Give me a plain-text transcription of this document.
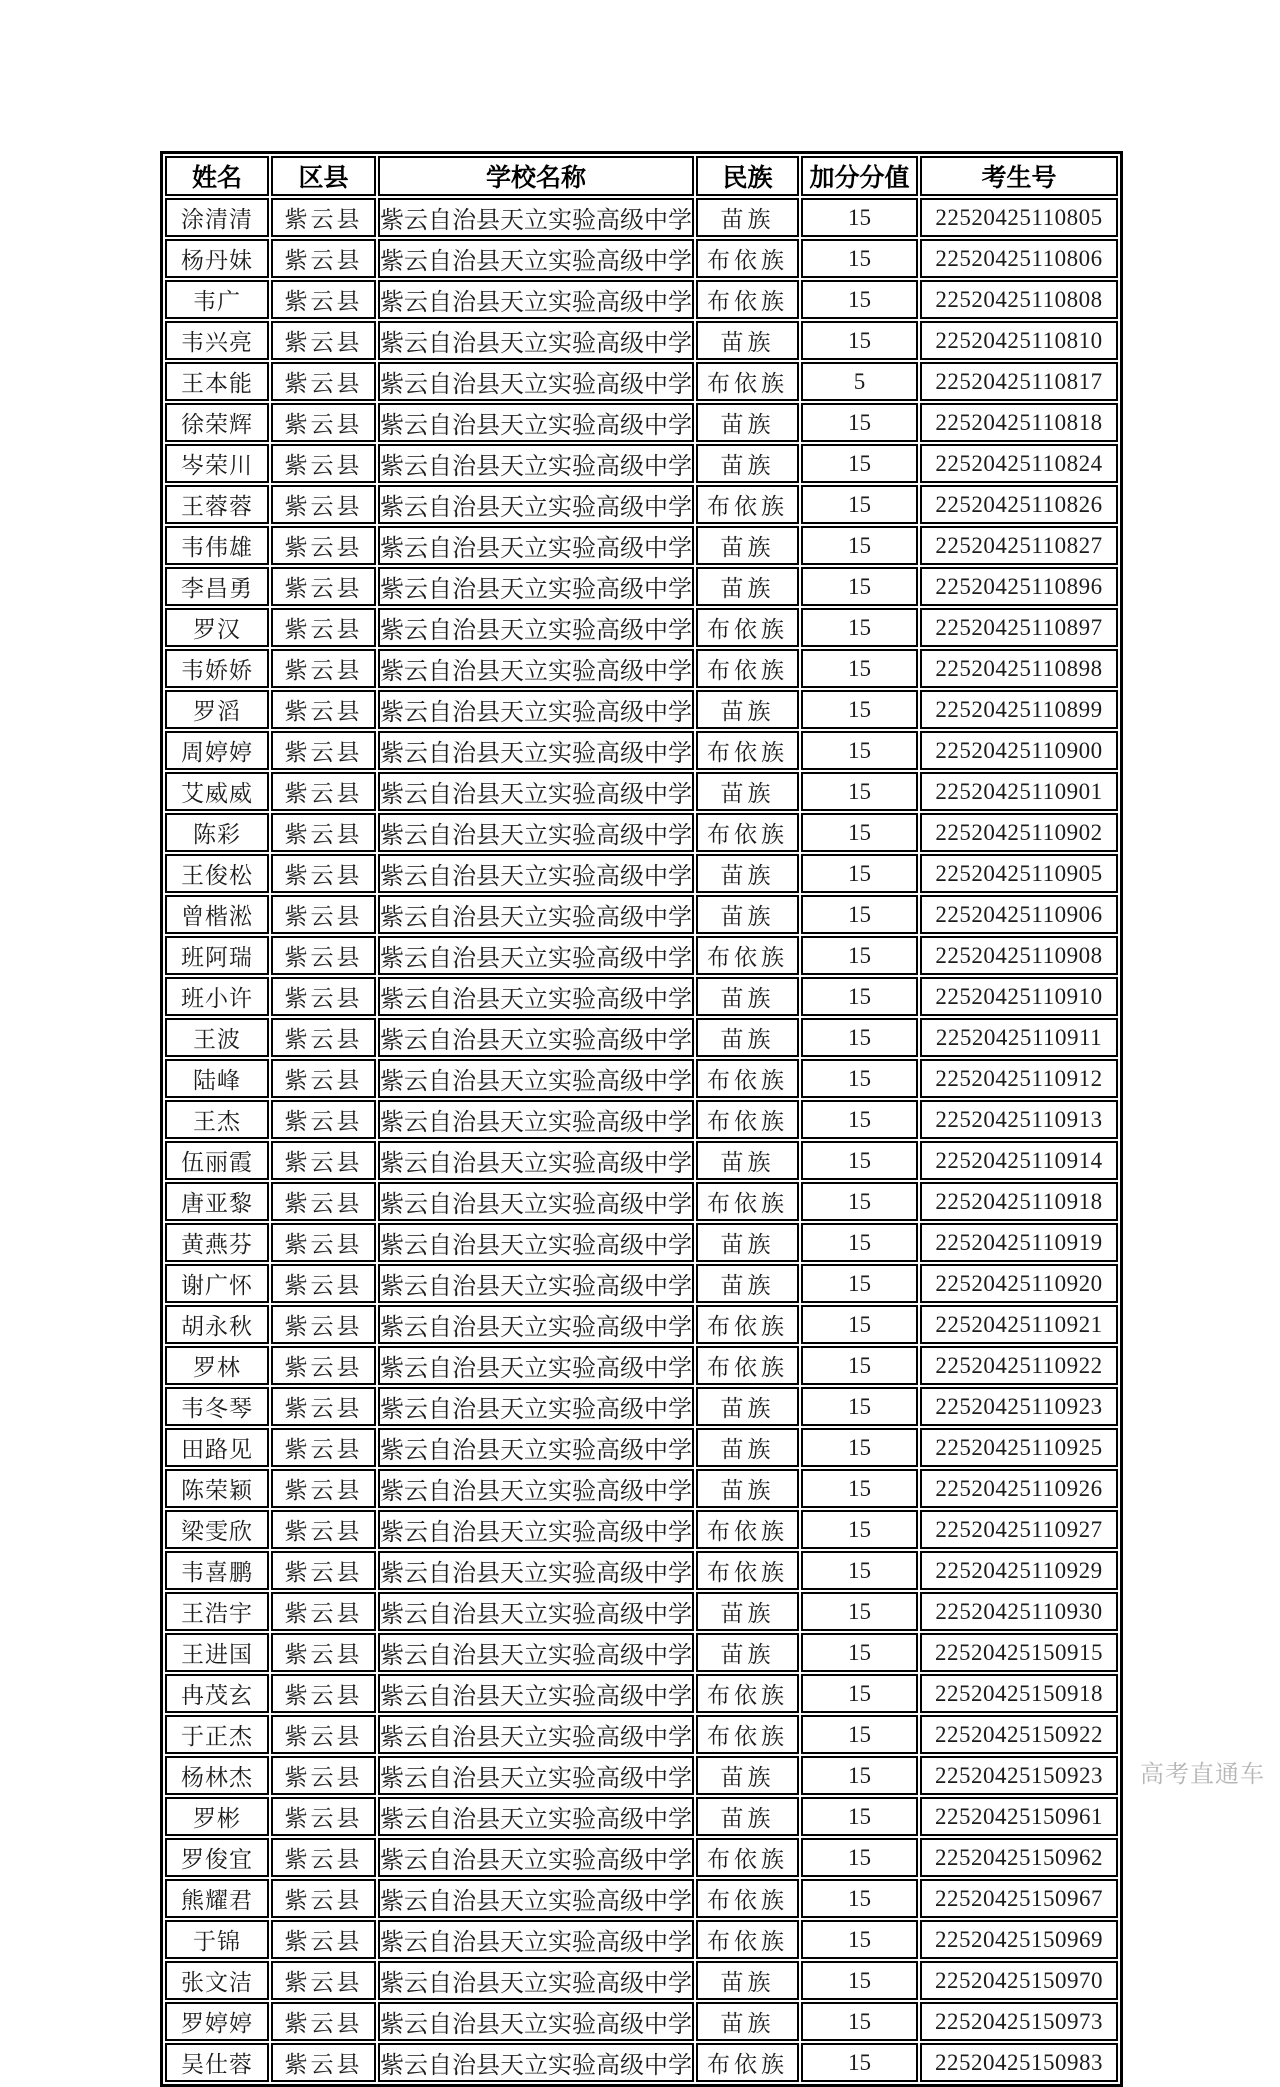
姓名	区县	学校名称	民族	加分分值	考生号
涂清清	紫云县	紫云自治县天立实验高级中学	苗族	15	22520425110805
杨丹妹	紫云县	紫云自治县天立实验高级中学	布依族	15	22520425110806
韦广	紫云县	紫云自治县天立实验高级中学	布依族	15	22520425110808
韦兴亮	紫云县	紫云自治县天立实验高级中学	苗族	15	22520425110810
王本能	紫云县	紫云自治县天立实验高级中学	布依族	5	22520425110817
徐荣辉	紫云县	紫云自治县天立实验高级中学	苗族	15	22520425110818
岑荣川	紫云县	紫云自治县天立实验高级中学	苗族	15	22520425110824
王蓉蓉	紫云县	紫云自治县天立实验高级中学	布依族	15	22520425110826
韦伟雄	紫云县	紫云自治县天立实验高级中学	苗族	15	22520425110827
李昌勇	紫云县	紫云自治县天立实验高级中学	苗族	15	22520425110896
罗汉	紫云县	紫云自治县天立实验高级中学	布依族	15	22520425110897
韦娇娇	紫云县	紫云自治县天立实验高级中学	布依族	15	22520425110898
罗滔	紫云县	紫云自治县天立实验高级中学	苗族	15	22520425110899
周婷婷	紫云县	紫云自治县天立实验高级中学	布依族	15	22520425110900
艾威威	紫云县	紫云自治县天立实验高级中学	苗族	15	22520425110901
陈彩	紫云县	紫云自治县天立实验高级中学	布依族	15	22520425110902
王俊松	紫云县	紫云自治县天立实验高级中学	苗族	15	22520425110905
曾楷淞	紫云县	紫云自治县天立实验高级中学	苗族	15	22520425110906
班阿瑞	紫云县	紫云自治县天立实验高级中学	布依族	15	22520425110908
班小许	紫云县	紫云自治县天立实验高级中学	苗族	15	22520425110910
王波	紫云县	紫云自治县天立实验高级中学	苗族	15	22520425110911
陆峰	紫云县	紫云自治县天立实验高级中学	布依族	15	22520425110912
王杰	紫云县	紫云自治县天立实验高级中学	布依族	15	22520425110913
伍丽霞	紫云县	紫云自治县天立实验高级中学	苗族	15	22520425110914
唐亚黎	紫云县	紫云自治县天立实验高级中学	布依族	15	22520425110918
黄燕芬	紫云县	紫云自治县天立实验高级中学	苗族	15	22520425110919
谢广怀	紫云县	紫云自治县天立实验高级中学	苗族	15	22520425110920
胡永秋	紫云县	紫云自治县天立实验高级中学	布依族	15	22520425110921
罗林	紫云县	紫云自治县天立实验高级中学	布依族	15	22520425110922
韦冬琴	紫云县	紫云自治县天立实验高级中学	苗族	15	22520425110923
田路见	紫云县	紫云自治县天立实验高级中学	苗族	15	22520425110925
陈荣颖	紫云县	紫云自治县天立实验高级中学	苗族	15	22520425110926
梁雯欣	紫云县	紫云自治县天立实验高级中学	布依族	15	22520425110927
韦喜鹏	紫云县	紫云自治县天立实验高级中学	布依族	15	22520425110929
王浩宇	紫云县	紫云自治县天立实验高级中学	苗族	15	22520425110930
王进国	紫云县	紫云自治县天立实验高级中学	苗族	15	22520425150915
冉茂玄	紫云县	紫云自治县天立实验高级中学	布依族	15	22520425150918
于正杰	紫云县	紫云自治县天立实验高级中学	布依族	15	22520425150922
杨林杰	紫云县	紫云自治县天立实验高级中学	苗族	15	22520425150923
罗彬	紫云县	紫云自治县天立实验高级中学	苗族	15	22520425150961
罗俊宜	紫云县	紫云自治县天立实验高级中学	布依族	15	22520425150962
熊耀君	紫云县	紫云自治县天立实验高级中学	布依族	15	22520425150967
于锦	紫云县	紫云自治县天立实验高级中学	布依族	15	22520425150969
张文洁	紫云县	紫云自治县天立实验高级中学	苗族	15	22520425150970
罗婷婷	紫云县	紫云自治县天立实验高级中学	苗族	15	22520425150973
吴仕蓉	紫云县	紫云自治县天立实验高级中学	布依族	15	22520425150983
高考直通车
